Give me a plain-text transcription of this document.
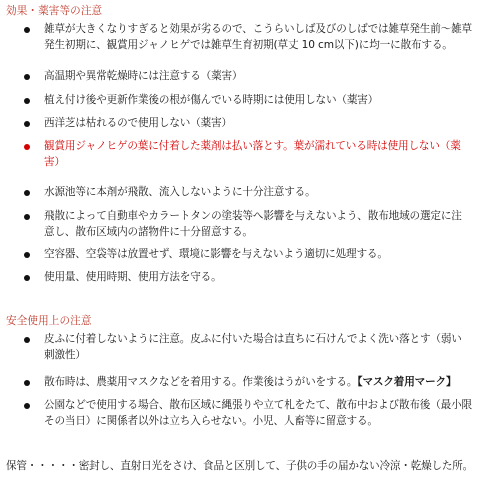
効果・薬害等の注意
雑草が大きくなりすぎると効果が劣るので、こうらいしば及びのしばでは雑草発生前〜雑草発生初期に、観賞用ジャノヒゲでは雑草生育初期(草丈 10 cm以下)に均一に散布する。
高温期や異常乾燥時には注意する（薬害）
植え付け後や更新作業後の根が傷んでいる時期には使用しない（薬害）
西洋芝は枯れるので使用しない（薬害）
観賞用ジャノヒゲの葉に付着した薬剤は払い落とす。葉が濡れている時は使用しない（薬害）
水源池等に本剤が飛散、流入しないように十分注意する。
飛散によって自動車やカラートタンの塗装等へ影響を与えないよう、散布地域の選定に注意し、散布区域内の諸物件に十分留意する。
空容器、空袋等は放置せず、環境に影響を与えないよう適切に処理する。
使用量、使用時期、使用方法を守る。
安全使用上の注意
皮ふに付着しないように注意。皮ふに付いた場合は直ちに石けんでよく洗い落とす（弱い刺激性）
散布時は、農薬用マスクなどを着用する。作業後はうがいをする。【マスク着用マーク】
公園などで使用する場合、散布区域に縄張りや立て札をたて、散布中および散布後（最小限その当日）に関係者以外は立ち入らせない。小児、人畜等に留意する。
保管・・・・・密封し、直射日光をさけ、食品と区別して、子供の手の届かない冷涼・乾燥した所。
